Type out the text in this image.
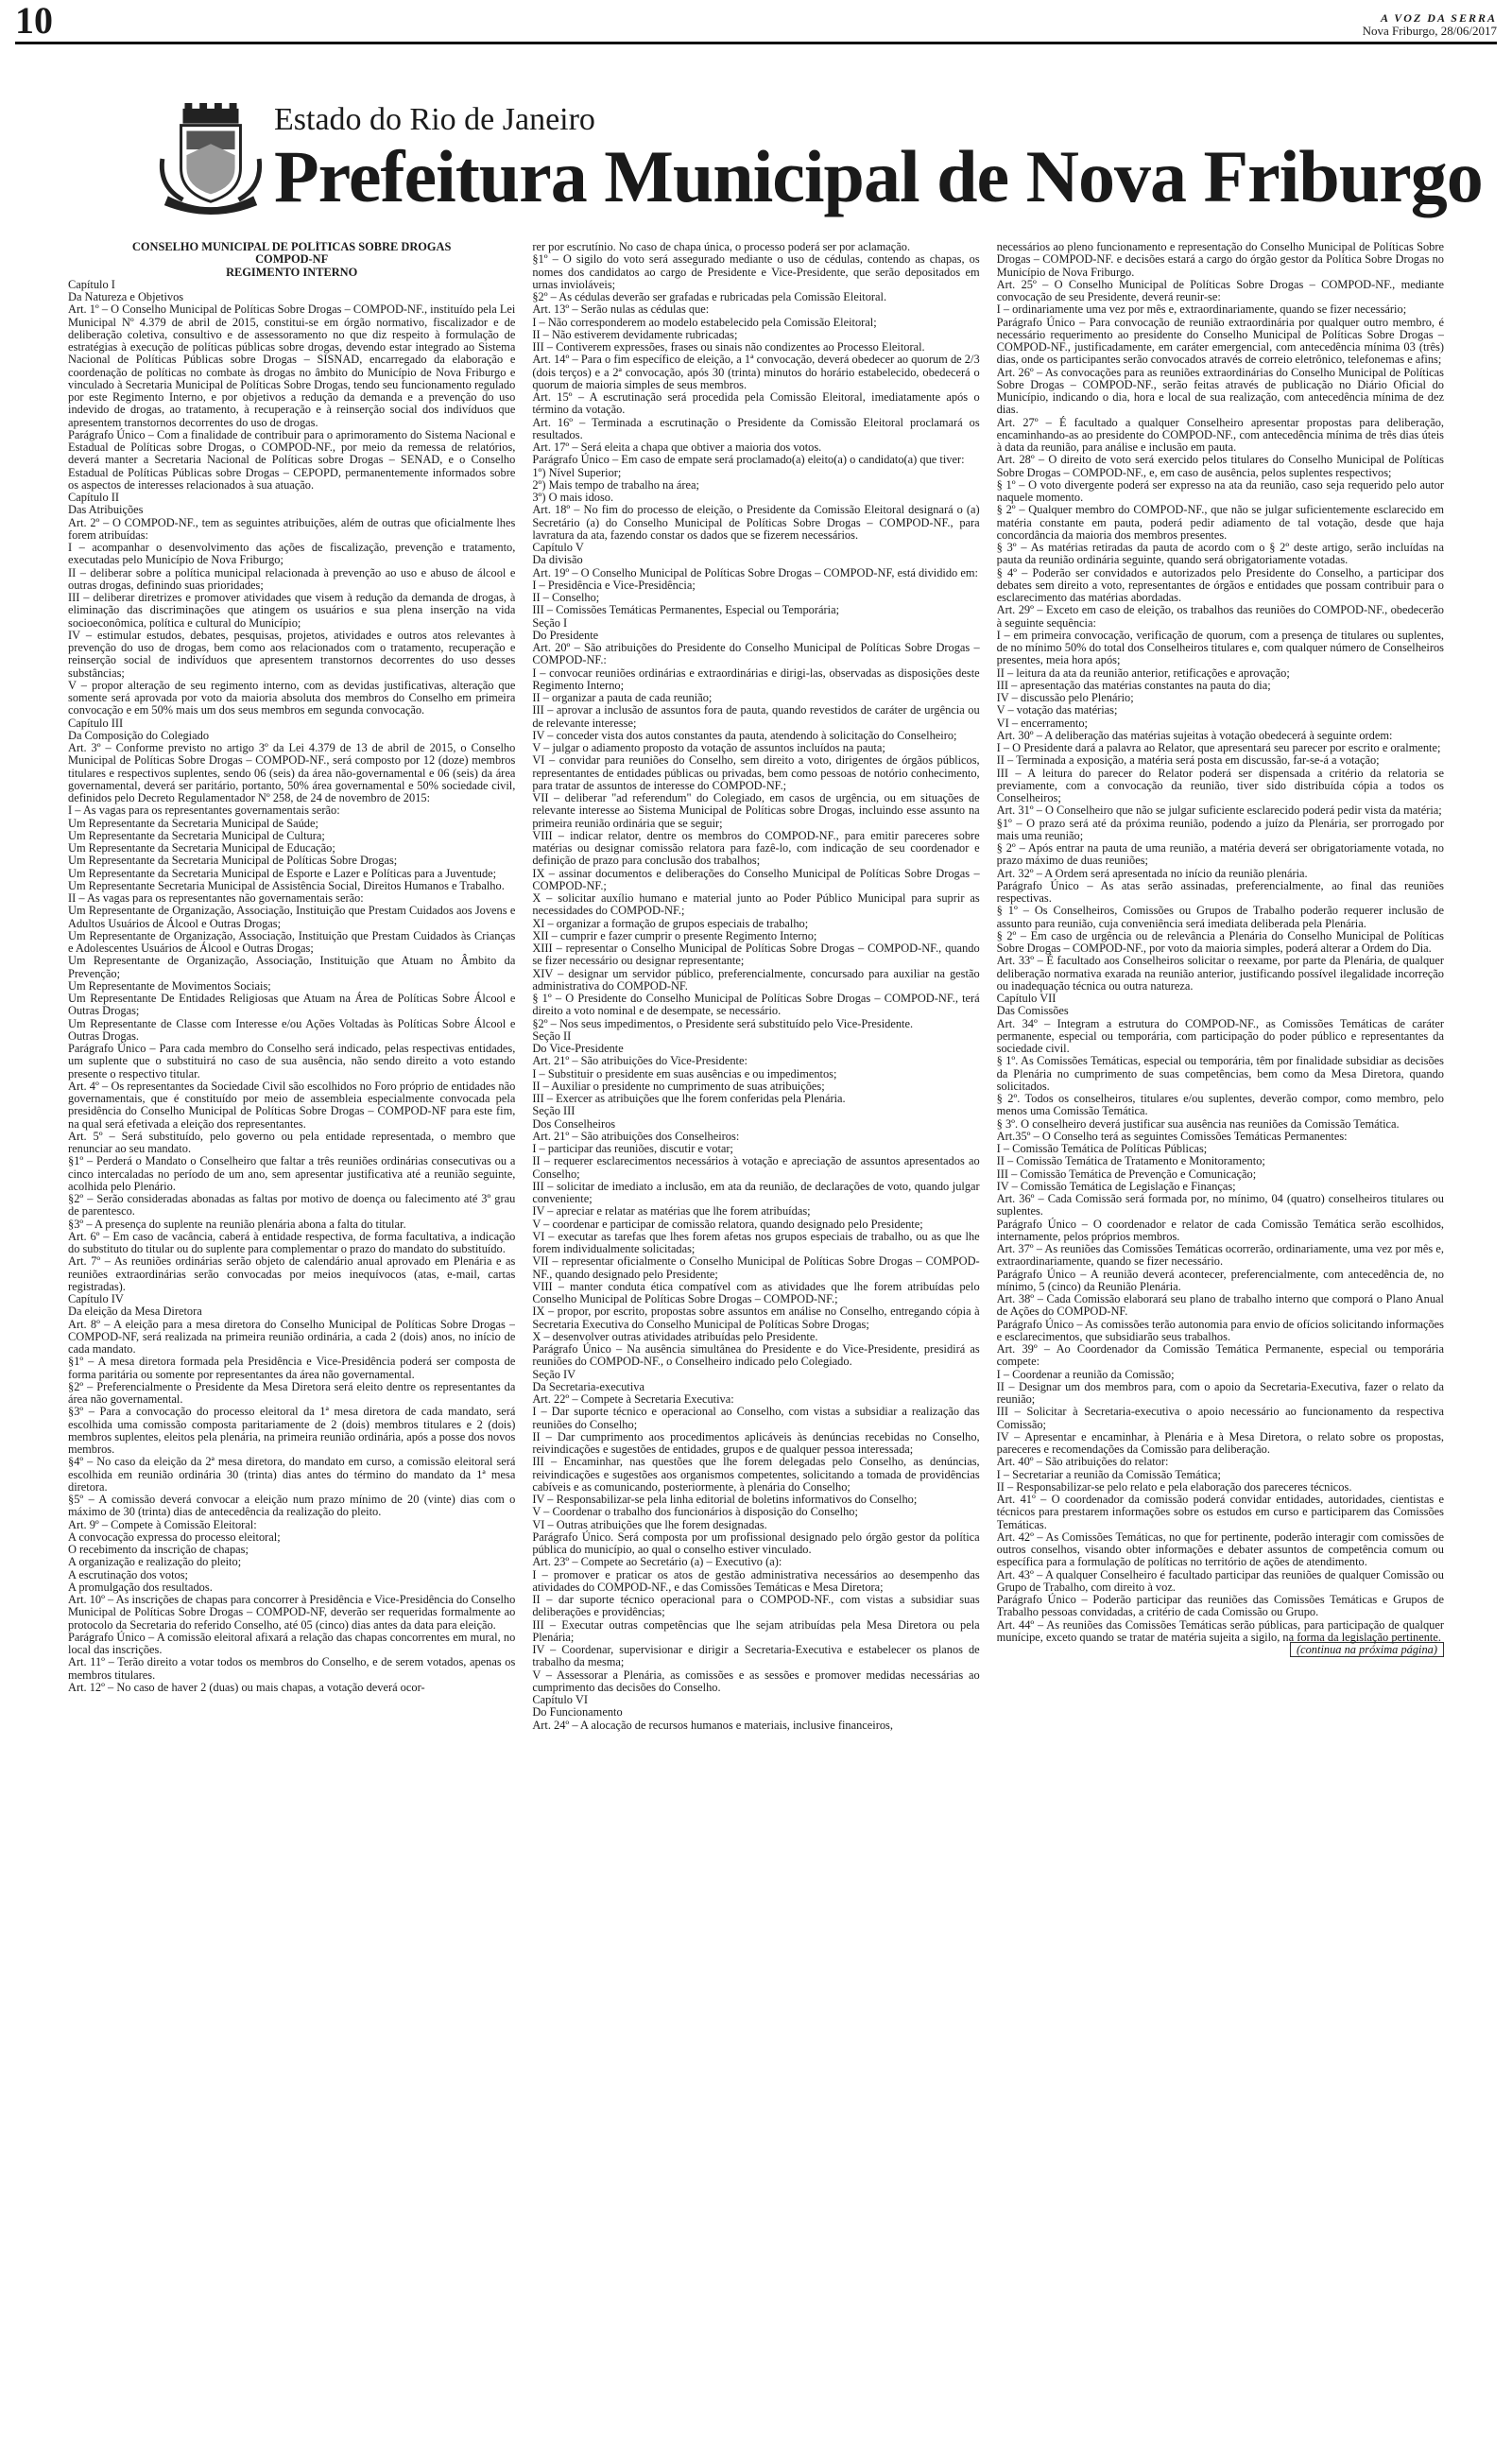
10	A VOZ DA SERRA
Nova Friburgo, 28/06/2017
Estado do Rio de Janeiro
Prefeitura Municipal de Nova Friburgo

CONSELHO MUNICIPAL DE POLÍTICAS SOBRE DROGAS

COMPOD-NF

REGIMENTO INTERNO

Capítulo I

Da Natureza e Objetivos

Art. 1º – O Conselho Municipal de Políticas Sobre Drogas – COMPOD-NF., instituído pela Lei Municipal Nº 4.379 de abril de 2015, constitui-se em órgão normativo, fiscalizador e de deliberação coletiva, consultivo e de assessoramento no que diz respeito à formulação de estratégias à execução de políticas públicas sobre drogas, devendo estar integrado ao Sistema Nacional de Políticas Públicas sobre Drogas – SISNAD, encarregado da elaboração e coordenação de políticas no combate às drogas no âmbito do Município de Nova Friburgo e vinculado à Secretaria Municipal de Políticas Sobre Drogas, tendo seu funcionamento regulado por este Regimento Interno, e por objetivos a redução da demanda e a prevenção do uso indevido de drogas, ao tratamento, à recuperação e à reinserção social dos indivíduos que apresentem transtornos decorrentes do uso de drogas.

Parágrafo Único – Com a finalidade de contribuir para o aprimoramento do Sistema Nacional e Estadual de Políticas sobre Drogas, o COMPOD-NF., por meio da remessa de relatórios, deverá manter a Secretaria Nacional de Políticas sobre Drogas – SENAD, e o Conselho Estadual de Políticas Públicas sobre Drogas – CEPOPD, permanentemente informados sobre os aspectos de interesses relacionados à sua atuação.

Capítulo II

Das Atribuições

Art. 2º – O COMPOD-NF., tem as seguintes atribuições, além de outras que oficialmente lhes forem atribuídas:

I – acompanhar o desenvolvimento das ações de fiscalização, prevenção e tratamento, executadas pelo Município de Nova Friburgo;

II – deliberar sobre a política municipal relacionada à prevenção ao uso e abuso de álcool e outras drogas, definindo suas prioridades;

III – deliberar diretrizes e promover atividades que visem à redução da demanda de drogas, à eliminação das discriminações que atingem os usuários e sua plena inserção na vida socioeconômica, política e cultural do Município;

IV – estimular estudos, debates, pesquisas, projetos, atividades e outros atos relevantes à prevenção do uso de drogas, bem como aos relacionados com o tratamento, recuperação e reinserção social de indivíduos que apresentem transtornos decorrentes do uso desses substâncias;

V – propor alteração de seu regimento interno, com as devidas justificativas, alteração que somente será aprovada por voto da maioria absoluta dos membros do Conselho em primeira convocação e em 50% mais um dos seus membros em segunda convocação.

Capítulo III

Da Composição do Colegiado

Art. 3º – Conforme previsto no artigo 3º da Lei 4.379 de 13 de abril de 2015, o Conselho Municipal de Políticas Sobre Drogas – COMPOD-NF., será composto por 12 (doze) membros titulares e respectivos suplentes, sendo 06 (seis) da área não-governamental e 06 (seis) da área governamental, deverá ser paritário, portanto, 50% área governamental e 50% sociedade civil, definidos pelo Decreto Regulamentador Nº 258, de 24 de novembro de 2015:

I – As vagas para os representantes governamentais serão:

Um Representante da Secretaria Municipal de Saúde;

Um Representante da Secretaria Municipal de Cultura;

Um Representante da Secretaria Municipal de Educação;

Um Representante da Secretaria Municipal de Políticas Sobre Drogas;

Um Representante da Secretaria Municipal de Esporte e Lazer e Políticas para a Juventude;

Um Representante Secretaria Municipal de Assistência Social, Direitos Humanos e Trabalho.

II – As vagas para os representantes não governamentais serão:

Um Representante de Organização, Associação, Instituição que Prestam Cuidados aos Jovens e Adultos Usuários de Álcool e Outras Drogas;

Um Representante de Organização, Associação, Instituição que Prestam Cuidados às Crianças e Adolescentes Usuários de Álcool e Outras Drogas;

Um Representante de Organização, Associação, Instituição que Atuam no Âmbito da Prevenção;

Um Representante de Movimentos Sociais;

Um Representante De Entidades Religiosas que Atuam na Área de Políticas Sobre Álcool e Outras Drogas;

Um Representante de Classe com Interesse e/ou Ações Voltadas às Políticas Sobre Álcool e Outras Drogas.

Parágrafo Único – Para cada membro do Conselho será indicado, pelas respectivas entidades, um suplente que o substituirá no caso de sua ausência, não sendo direito a voto estando presente o respectivo titular.

Art. 4º – Os representantes da Sociedade Civil são escolhidos no Foro próprio de entidades não governamentais, que é constituído por meio de assembleia especialmente convocada pela presidência do Conselho Municipal de Políticas Sobre Drogas – COMPOD-NF para este fim, na qual será efetivada a eleição dos representantes.

Art. 5º – Será substituído, pelo governo ou pela entidade representada, o membro que renunciar ao seu mandato.

§1º – Perderá o Mandato o Conselheiro que faltar a três reuniões ordinárias consecutivas ou a cinco intercaladas no período de um ano, sem apresentar justificativa até a reunião seguinte, acolhida pelo Plenário.

§2º – Serão consideradas abonadas as faltas por motivo de doença ou falecimento até 3º grau de parentesco.

§3º – A presença do suplente na reunião plenária abona a falta do titular.

Art. 6º – Em caso de vacância, caberá à entidade respectiva, de forma facultativa, a indicação do substituto do titular ou do suplente para complementar o prazo do mandato do substituído.

Art. 7º – As reuniões ordinárias serão objeto de calendário anual aprovado em Plenária e as reuniões extraordinárias serão convocadas por meios inequívocos (atas, e-mail, cartas registradas).

Capítulo IV

Da eleição da Mesa Diretora

Art. 8º – A eleição para a mesa diretora do Conselho Municipal de Políticas Sobre Drogas – COMPOD-NF, será realizada na primeira reunião ordinária, a cada 2 (dois) anos, no início de cada mandato.

§1º – A mesa diretora formada pela Presidência e Vice-Presidência poderá ser composta de forma paritária ou somente por representantes da área não governamental.

§2º – Preferencialmente o Presidente da Mesa Diretora será eleito dentre os representantes da área não governamental.

§3º – Para a convocação do processo eleitoral da 1ª mesa diretora de cada mandato, será escolhida uma comissão composta paritariamente de 2 (dois) membros titulares e 2 (dois) membros suplentes, eleitos pela plenária, na primeira reunião ordinária, após a posse dos novos membros.

§4º – No caso da eleição da 2ª mesa diretora, do mandato em curso, a comissão eleitoral será escolhida em reunião ordinária 30 (trinta) dias antes do término do mandato da 1ª mesa diretora.

§5º – A comissão deverá convocar a eleição num prazo mínimo de 20 (vinte) dias com o máximo de 30 (trinta) dias de antecedência da realização do pleito.

Art. 9º – Compete à Comissão Eleitoral:

A convocação expressa do processo eleitoral;

O recebimento da inscrição de chapas;

A organização e realização do pleito;

A escrutinação dos votos;

A promulgação dos resultados.

Art. 10º – As inscrições de chapas para concorrer à Presidência e Vice-Presidência do Conselho Municipal de Políticas Sobre Drogas – COMPOD-NF, deverão ser requeridas formalmente ao protocolo da Secretaria do referido Conselho, até 05 (cinco) dias antes da data para eleição.

Parágrafo Único – A comissão eleitoral afixará a relação das chapas concorrentes em mural, no local das inscrições.

Art. 11º – Terão direito a votar todos os membros do Conselho, e de serem votados, apenas os membros titulares.

Art. 12º – No caso de haver 2 (duas) ou mais chapas, a votação deverá ocor-

rer por escrutínio. No caso de chapa única, o processo poderá ser por aclamação.

§1º – O sigilo do voto será assegurado mediante o uso de cédulas, contendo as chapas, os nomes dos candidatos ao cargo de Presidente e Vice-Presidente, que serão depositados em urnas invioláveis;

§2º – As cédulas deverão ser grafadas e rubricadas pela Comissão Eleitoral.

Art. 13º – Serão nulas as cédulas que:

I – Não corresponderem ao modelo estabelecido pela Comissão Eleitoral;

II – Não estiverem devidamente rubricadas;

III – Contiverem expressões, frases ou sinais não condizentes ao Processo Eleitoral.

Art. 14º – Para o fim específico de eleição, a 1ª convocação, deverá obedecer ao quorum de 2/3 (dois terços) e a 2ª convocação, após 30 (trinta) minutos do horário estabelecido, obedecerá o quorum de maioria simples de seus membros.

Art. 15º – A escrutinação será procedida pela Comissão Eleitoral, imediatamente após o término da votação.

Art. 16º – Terminada a escrutinação o Presidente da Comissão Eleitoral proclamará os resultados.

Art. 17º – Será eleita a chapa que obtiver a maioria dos votos.

Parágrafo Único – Em caso de empate será proclamado(a) eleito(a) o candidato(a) que tiver:

1º) Nível Superior;

2º) Mais tempo de trabalho na área;

3º) O mais idoso.

Art. 18º – No fim do processo de eleição, o Presidente da Comissão Eleitoral designará o (a) Secretário (a) do Conselho Municipal de Políticas Sobre Drogas – COMPOD-NF., para lavratura da ata, fazendo constar os dados que se fizerem necessários.

Capítulo V

Da divisão

Art. 19º – O Conselho Municipal de Políticas Sobre Drogas – COMPOD-NF, está dividido em:

I – Presidência e Vice-Presidência;

II – Conselho;

III – Comissões Temáticas Permanentes, Especial ou Temporária;

Seção I

Do Presidente

Art. 20º – São atribuições do Presidente do Conselho Municipal de Políticas Sobre Drogas – COMPOD-NF.:

I – convocar reuniões ordinárias e extraordinárias e dirigi-las, observadas as disposições deste Regimento Interno;

II – organizar a pauta de cada reunião;

III – aprovar a inclusão de assuntos fora de pauta, quando revestidos de caráter de urgência ou de relevante interesse;

IV – conceder vista dos autos constantes da pauta, atendendo à solicitação do Conselheiro;

V – julgar o adiamento proposto da votação de assuntos incluídos na pauta;

VI – convidar para reuniões do Conselho, sem direito a voto, dirigentes de órgãos públicos, representantes de entidades públicas ou privadas, bem como pessoas de notório conhecimento, para tratar de assuntos de interesse do COMPOD-NF.;

VII – deliberar "ad referendum" do Colegiado, em casos de urgência, ou em situações de relevante interesse ao Sistema Municipal de Políticas sobre Drogas, incluindo esse assunto na primeira reunião ordinária que se seguir;

VIII – indicar relator, dentre os membros do COMPOD-NF., para emitir pareceres sobre matérias ou designar comissão relatora para fazê-lo, com indicação de seu coordenador e definição de prazo para conclusão dos trabalhos;

IX – assinar documentos e deliberações do Conselho Municipal de Políticas Sobre Drogas – COMPOD-NF.;

X – solicitar auxílio humano e material junto ao Poder Público Municipal para suprir as necessidades do COMPOD-NF.;

XI – organizar a formação de grupos especiais de trabalho;

XII – cumprir e fazer cumprir o presente Regimento Interno;

XIII – representar o Conselho Municipal de Políticas Sobre Drogas – COMPOD-NF., quando se fizer necessário ou designar representante;

XIV – designar um servidor público, preferencialmente, concursado para auxiliar na gestão administrativa do COMPOD-NF.

§ 1º – O Presidente do Conselho Municipal de Políticas Sobre Drogas – COMPOD-NF., terá direito a voto nominal e de desempate, se necessário.

§2º – Nos seus impedimentos, o Presidente será substituído pelo Vice-Presidente.

Seção II

Do Vice-Presidente

Art. 21º – São atribuições do Vice-Presidente:

I – Substituir o presidente em suas ausências e ou impedimentos;

II – Auxiliar o presidente no cumprimento de suas atribuições;

III – Exercer as atribuições que lhe forem conferidas pela Plenária.

Seção III

Dos Conselheiros

Art. 21º – São atribuições dos Conselheiros:

I – participar das reuniões, discutir e votar;

II – requerer esclarecimentos necessários à votação e apreciação de assuntos apresentados ao Conselho;

III – solicitar de imediato a inclusão, em ata da reunião, de declarações de voto, quando julgar conveniente;

IV – apreciar e relatar as matérias que lhe forem atribuídas;

V – coordenar e participar de comissão relatora, quando designado pelo Presidente;

VI – executar as tarefas que lhes forem afetas nos grupos especiais de trabalho, ou as que lhe forem individualmente solicitadas;

VII – representar oficialmente o Conselho Municipal de Políticas Sobre Drogas – COMPOD-NF., quando designado pelo Presidente;

VIII – manter conduta ética compatível com as atividades que lhe forem atribuídas pelo Conselho Municipal de Políticas Sobre Drogas – COMPOD-NF.;

IX – propor, por escrito, propostas sobre assuntos em análise no Conselho, entregando cópia à Secretaria Executiva do Conselho Municipal de Políticas Sobre Drogas;

X – desenvolver outras atividades atribuídas pelo Presidente.

Parágrafo Único – Na ausência simultânea do Presidente e do Vice-Presidente, presidirá as reuniões do COMPOD-NF., o Conselheiro indicado pelo Colegiado.

Seção IV

Da Secretaria-executiva

Art. 22º – Compete à Secretaria Executiva:

I – Dar suporte técnico e operacional ao Conselho, com vistas a subsidiar a realização das reuniões do Conselho;

II – Dar cumprimento aos procedimentos aplicáveis às denúncias recebidas no Conselho, reivindicações e sugestões de entidades, grupos e de qualquer pessoa interessada;

III – Encaminhar, nas questões que lhe forem delegadas pelo Conselho, as denúncias, reivindicações e sugestões aos organismos competentes, solicitando a tomada de providências cabíveis e as comunicando, posteriormente, à plenária do Conselho;

IV – Responsabilizar-se pela linha editorial de boletins informativos do Conselho;

V – Coordenar o trabalho dos funcionários à disposição do Conselho;

VI – Outras atribuições que lhe forem designadas.

Parágrafo Único. Será composta por um profissional designado pelo órgão gestor da política pública do município, ao qual o conselho estiver vinculado.

Art. 23º – Compete ao Secretário (a) – Executivo (a):

I – promover e praticar os atos de gestão administrativa necessários ao desempenho das atividades do COMPOD-NF., e das Comissões Temáticas e Mesa Diretora;

II – dar suporte técnico operacional para o COMPOD-NF., com vistas a subsidiar suas deliberações e providências;

III – Executar outras competências que lhe sejam atribuídas pela Mesa Diretora ou pela Plenária;

IV – Coordenar, supervisionar e dirigir a Secretaria-Executiva e estabelecer os planos de trabalho da mesma;

V – Assessorar a Plenária, as comissões e as sessões e promover medidas necessárias ao cumprimento das decisões do Conselho.

Capítulo VI

Do Funcionamento

Art. 24º – A alocação de recursos humanos e materiais, inclusive financeiros,

necessários ao pleno funcionamento e representação do Conselho Municipal de Políticas Sobre Drogas – COMPOD-NF. e decisões estará a cargo do órgão gestor da Política Sobre Drogas no Município de Nova Friburgo.

Art. 25º – O Conselho Municipal de Políticas Sobre Drogas – COMPOD-NF., mediante convocação de seu Presidente, deverá reunir-se:

I – ordinariamente uma vez por mês e, extraordinariamente, quando se fizer necessário;

Parágrafo Único – Para convocação de reunião extraordinária por qualquer outro membro, é necessário requerimento ao presidente do Conselho Municipal de Políticas Sobre Drogas – COMPOD-NF., justificadamente, em caráter emergencial, com antecedência mínima 03 (três) dias, onde os participantes serão convocados através de correio eletrônico, telefonemas e afins;

Art. 26º – As convocações para as reuniões extraordinárias do Conselho Municipal de Políticas Sobre Drogas – COMPOD-NF., serão feitas através de publicação no Diário Oficial do Município, indicando o dia, hora e local de sua realização, com antecedência mínima de dez dias.

Art. 27º – É facultado a qualquer Conselheiro apresentar propostas para deliberação, encaminhando-as ao presidente do COMPOD-NF., com antecedência mínima de três dias úteis à data da reunião, para análise e inclusão em pauta.

Art. 28º – O direito de voto será exercido pelos titulares do Conselho Municipal de Políticas Sobre Drogas – COMPOD-NF., e, em caso de ausência, pelos suplentes respectivos;

§ 1º – O voto divergente poderá ser expresso na ata da reunião, caso seja requerido pelo autor naquele momento.

§ 2º – Qualquer membro do COMPOD-NF., que não se julgar suficientemente esclarecido em matéria constante em pauta, poderá pedir adiamento de tal votação, desde que haja concordância da maioria dos membros presentes.

§ 3º – As matérias retiradas da pauta de acordo com o § 2º deste artigo, serão incluídas na pauta da reunião ordinária seguinte, quando será obrigatoriamente votadas.

§ 4º – Poderão ser convidados e autorizados pelo Presidente do Conselho, a participar dos debates sem direito a voto, representantes de órgãos e entidades que possam contribuir para o esclarecimento das matérias abordadas.

Art. 29º – Exceto em caso de eleição, os trabalhos das reuniões do COMPOD-NF., obedecerão à seguinte sequência:

I – em primeira convocação, verificação de quorum, com a presença de titulares ou suplentes, de no mínimo 50% do total dos Conselheiros titulares e, com qualquer número de Conselheiros presentes, meia hora após;

II – leitura da ata da reunião anterior, retificações e aprovação;

III – apresentação das matérias constantes na pauta do dia;

IV – discussão pelo Plenário;

V – votação das matérias;

VI – encerramento;

Art. 30º – A deliberação das matérias sujeitas à votação obedecerá à seguinte ordem:

I – O Presidente dará a palavra ao Relator, que apresentará seu parecer por escrito e oralmente;

II – Terminada a exposição, a matéria será posta em discussão, far-se-á a votação;

III – A leitura do parecer do Relator poderá ser dispensada a critério da relatoria se previamente, com a convocação da reunião, tiver sido distribuída cópia a todos os Conselheiros;

Art. 31º – O Conselheiro que não se julgar suficiente esclarecido poderá pedir vista da matéria;

§1º – O prazo será até da próxima reunião, podendo a juízo da Plenária, ser prorrogado por mais uma reunião;

§ 2º – Após entrar na pauta de uma reunião, a matéria deverá ser obrigatoriamente votada, no prazo máximo de duas reuniões;

Art. 32º – A Ordem será apresentada no início da reunião plenária.

Parágrafo Único – As atas serão assinadas, preferencialmente, ao final das reuniões respectivas.

§ 1º – Os Conselheiros, Comissões ou Grupos de Trabalho poderão requerer inclusão de assunto para reunião, cuja conveniência será imediata deliberada pela Plenária.

§ 2º – Em caso de urgência ou de relevância a Plenária do Conselho Municipal de Políticas Sobre Drogas – COMPOD-NF., por voto da maioria simples, poderá alterar a Ordem do Dia.

Art. 33º – É facultado aos Conselheiros solicitar o reexame, por parte da Plenária, de qualquer deliberação normativa exarada na reunião anterior, justificando possível ilegalidade incorreção ou inadequação técnica ou outra natureza.

Capítulo VII

Das Comissões

Art. 34º – Integram a estrutura do COMPOD-NF., as Comissões Temáticas de caráter permanente, especial ou temporária, com participação do poder público e representantes da sociedade civil.

§ 1º. As Comissões Temáticas, especial ou temporária, têm por finalidade subsidiar as decisões da Plenária no cumprimento de suas competências, bem como da Mesa Diretora, quando solicitados.

§ 2º. Todos os conselheiros, titulares e/ou suplentes, deverão compor, como membro, pelo menos uma Comissão Temática.

§ 3º. O conselheiro deverá justificar sua ausência nas reuniões da Comissão Temática.

Art.35º – O Conselho terá as seguintes Comissões Temáticas Permanentes:

I – Comissão Temática de Políticas Públicas;

II – Comissão Temática de Tratamento e Monitoramento;

III – Comissão Temática de Prevenção e Comunicação;

IV – Comissão Temática de Legislação e Finanças;

Art. 36º – Cada Comissão será formada por, no mínimo, 04 (quatro) conselheiros titulares ou suplentes.

Parágrafo Único – O coordenador e relator de cada Comissão Temática serão escolhidos, internamente, pelos próprios membros.

Art. 37º – As reuniões das Comissões Temáticas ocorrerão, ordinariamente, uma vez por mês e, extraordinariamente, quando se fizer necessário.

Parágrafo Único – A reunião deverá acontecer, preferencialmente, com antecedência de, no mínimo, 5 (cinco) da Reunião Plenária.

Art. 38º – Cada Comissão elaborará seu plano de trabalho interno que comporá o Plano Anual de Ações do COMPOD-NF.

Parágrafo Único – As comissões terão autonomia para envio de ofícios solicitando informações e esclarecimentos, que subsidiarão seus trabalhos.

Art. 39º – Ao Coordenador da Comissão Temática Permanente, especial ou temporária compete:

I – Coordenar a reunião da Comissão;

II – Designar um dos membros para, com o apoio da Secretaria-Executiva, fazer o relato da reunião;

III – Solicitar à Secretaria-executiva o apoio necessário ao funcionamento da respectiva Comissão;

IV – Apresentar e encaminhar, à Plenária e à Mesa Diretora, o relato sobre os propostas, pareceres e recomendações da Comissão para deliberação.

Art. 40º – São atribuições do relator:

I – Secretariar a reunião da Comissão Temática;

II – Responsabilizar-se pelo relato e pela elaboração dos pareceres técnicos.

Art. 41º – O coordenador da comissão poderá convidar entidades, autoridades, cientistas e técnicos para prestarem informações sobre os estudos em curso e participarem das Comissões Temáticas.

Art. 42º – As Comissões Temáticas, no que for pertinente, poderão interagir com comissões de outros conselhos, visando obter informações e debater assuntos de competência comum ou específica para a formulação de políticas no território de ações de atendimento.

Art. 43º – A qualquer Conselheiro é facultado participar das reuniões de qualquer Comissão ou Grupo de Trabalho, com direito à voz.

Parágrafo Único – Poderão participar das reuniões das Comissões Temáticas e Grupos de Trabalho pessoas convidadas, a critério de cada Comissão ou Grupo.

Art. 44º – As reuniões das Comissões Temáticas serão públicas, para participação de qualquer munícipe, exceto quando se tratar de matéria sujeita a sigilo, na forma da legislação pertinente.

(continua na próxima página)
